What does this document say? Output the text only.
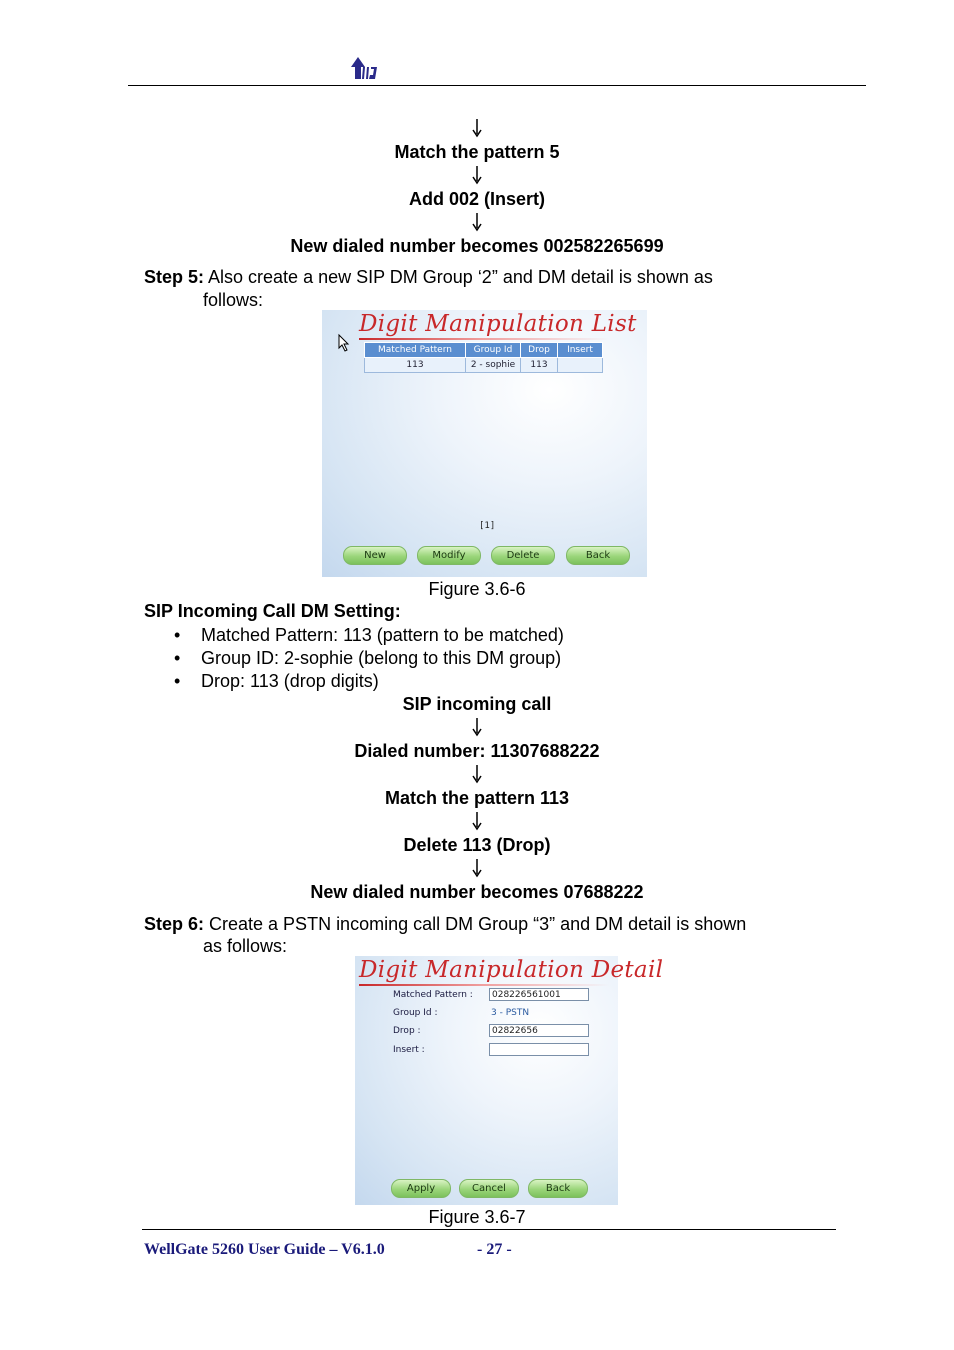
Match the pattern 5
Add 002 (Insert)
New dialed number becomes 002582265699
Step 5: Also create a new SIP DM Group ‘2” and DM detail is shown as
follows:
Digit Manipulation List
Matched Pattern	Group Id	Drop	Insert
113	2 - sophie	113	
[1]
New	Modify	Delete	Back
Figure 3.6-6
SIP Incoming Call DM Setting:
• Matched Pattern: 113 (pattern to be matched)
• Group ID: 2-sophie (belong to this DM group)
• Drop: 113 (drop digits)
SIP incoming call
Dialed number: 11307688222
Match the pattern 113
Delete 113 (Drop)
New dialed number becomes 07688222
Step 6: Create a PSTN incoming call DM Group “3” and DM detail is shown
as follows:
Digit Manipulation Detail
Matched Pattern :	028226561001
Group Id :	3 - PSTN
Drop :	02822656
Insert :
Apply	Cancel	Back
Figure 3.6-7
WellGate 5260 User Guide – V6.1.0	- 27 -
